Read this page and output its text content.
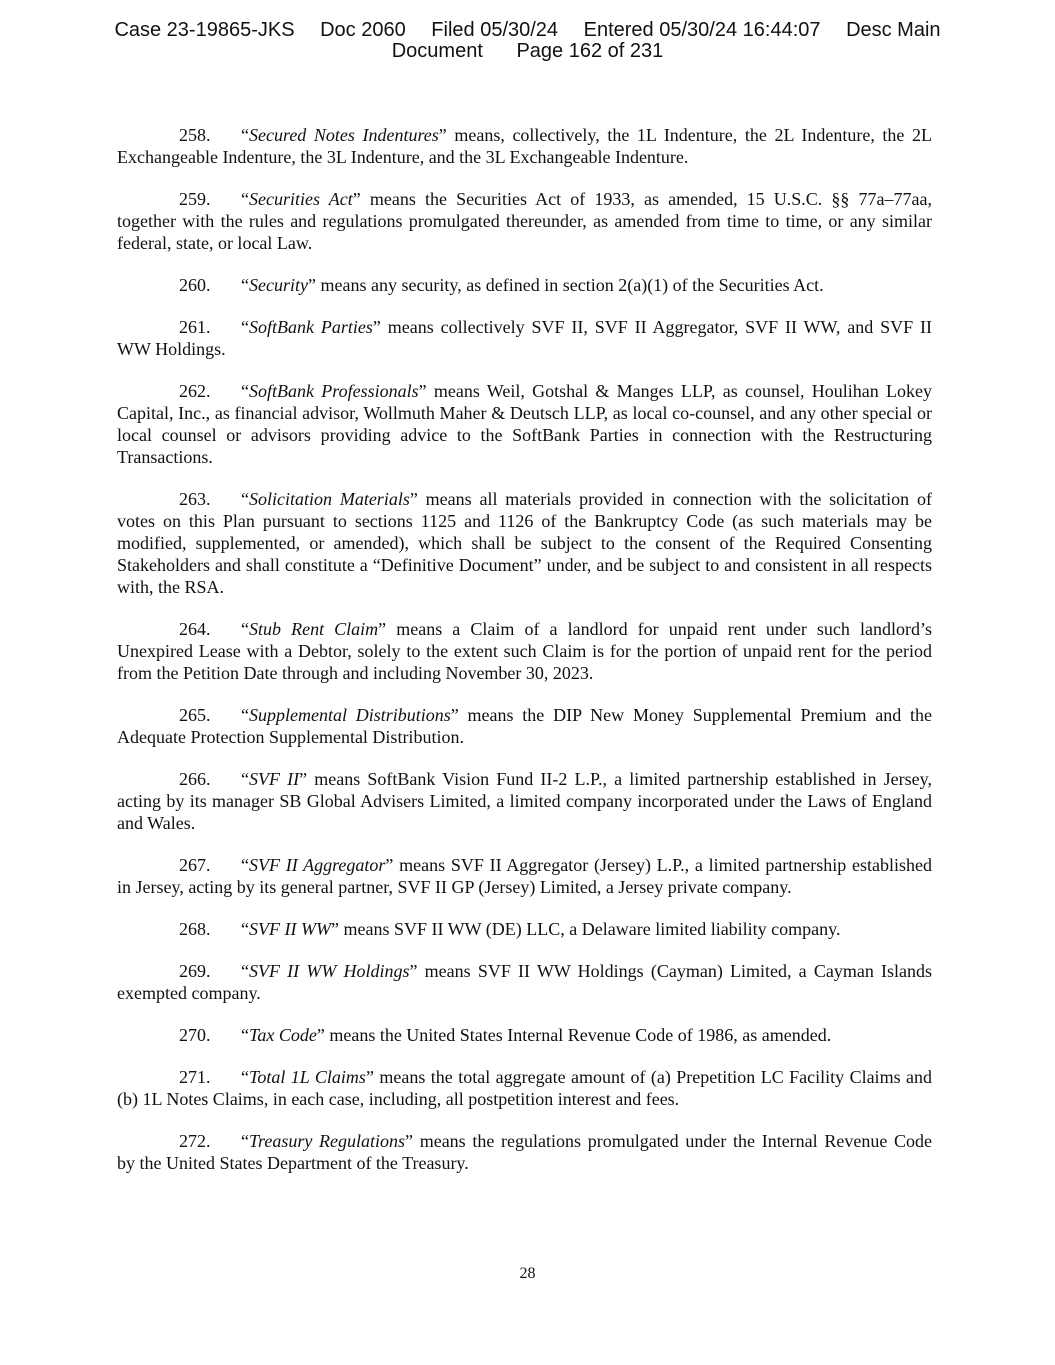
Case 23-19865-JKS Doc 2060 Filed 05/30/24 Entered 05/30/24 16:44:07 Desc Main
Document Page 162 of 231

258. “Secured Notes Indentures” means, collectively, the 1L Indenture, the 2L Indenture, the 2L Exchangeable Indenture, the 3L Indenture, and the 3L Exchangeable Indenture.

259. “Securities Act” means the Securities Act of 1933, as amended, 15 U.S.C. §§ 77a–77aa, together with the rules and regulations promulgated thereunder, as amended from time to time, or any similar federal, state, or local Law.

260. “Security” means any security, as defined in section 2(a)(1) of the Securities Act.

261. “SoftBank Parties” means collectively SVF II, SVF II Aggregator, SVF II WW, and SVF II WW Holdings.

262. “SoftBank Professionals” means Weil, Gotshal & Manges LLP, as counsel, Houlihan Lokey Capital, Inc., as financial advisor, Wollmuth Maher & Deutsch LLP, as local co-counsel, and any other special or local counsel or advisors providing advice to the SoftBank Parties in connection with the Restructuring Transactions.

263. “Solicitation Materials” means all materials provided in connection with the solicitation of votes on this Plan pursuant to sections 1125 and 1126 of the Bankruptcy Code (as such materials may be modified, supplemented, or amended), which shall be subject to the consent of the Required Consenting Stakeholders and shall constitute a “Definitive Document” under, and be subject to and consistent in all respects with, the RSA.

264. “Stub Rent Claim” means a Claim of a landlord for unpaid rent under such landlord’s Unexpired Lease with a Debtor, solely to the extent such Claim is for the portion of unpaid rent for the period from the Petition Date through and including November 30, 2023.

265. “Supplemental Distributions” means the DIP New Money Supplemental Premium and the Adequate Protection Supplemental Distribution.

266. “SVF II” means SoftBank Vision Fund II-2 L.P., a limited partnership established in Jersey, acting by its manager SB Global Advisers Limited, a limited company incorporated under the Laws of England and Wales.

267. “SVF II Aggregator” means SVF II Aggregator (Jersey) L.P., a limited partnership established in Jersey, acting by its general partner, SVF II GP (Jersey) Limited, a Jersey private company.

268. “SVF II WW” means SVF II WW (DE) LLC, a Delaware limited liability company.

269. “SVF II WW Holdings” means SVF II WW Holdings (Cayman) Limited, a Cayman Islands exempted company.

270. “Tax Code” means the United States Internal Revenue Code of 1986, as amended.

271. “Total 1L Claims” means the total aggregate amount of (a) Prepetition LC Facility Claims and (b) 1L Notes Claims, in each case, including, all postpetition interest and fees.

272. “Treasury Regulations” means the regulations promulgated under the Internal Revenue Code by the United States Department of the Treasury.

28
